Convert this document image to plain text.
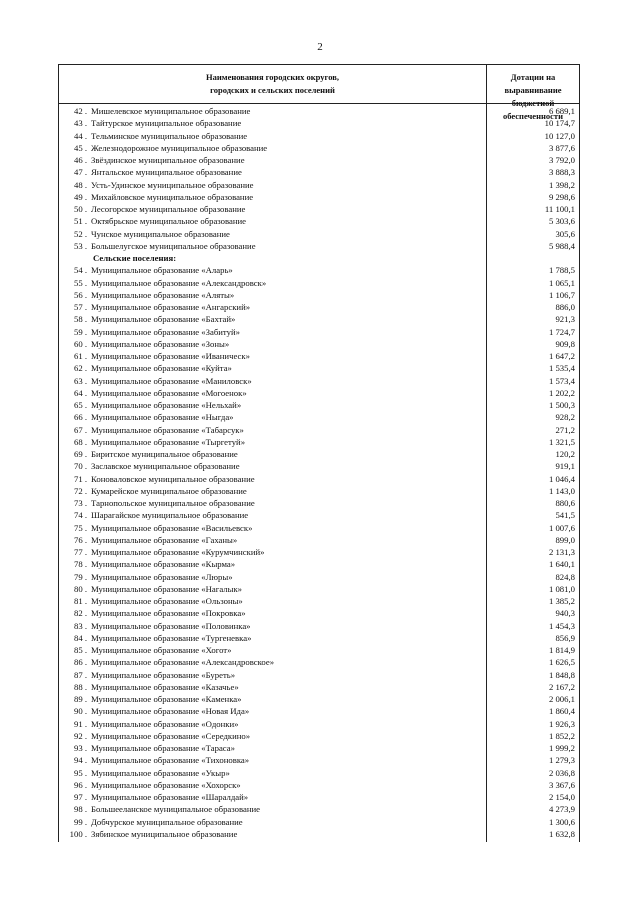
2
Наименования городских округов,
городских и сельских поселений
Дотации на выравнивание
бюджетной обеспеченности
42 . Мишелевское муниципальное образование	6 689,1
43 . Тайтурское муниципальное образование	10 174,7
44 . Тельминское муниципальное образование	10 127,0
45 . Железнодорожное муниципальное образование	3 877,6
46 . Звёздинское муниципальное образование	3 792,0
47 . Янтальское муниципальное образование	3 888,3
48 . Усть-Удинское муниципальное образование	1 398,2
49 . Михайловское муниципальное образование	9 298,6
50 . Лесогорское муниципальное образование	11 100,1
51 . Октябрьское муниципальное образование	5 303,6
52 . Чунское муниципальное образование	305,6
53 . Большелугское муниципальное образование	5 988,4
Сельские поселения:
54 . Муниципальное образование «Аларь»	1 788,5
55 . Муниципальное образование «Александровск»	1 065,1
56 . Муниципальное образование «Аляты»	1 106,7
57 . Муниципальное образование «Ангарский»	886,0
58 . Муниципальное образование «Бахтай»	921,3
59 . Муниципальное образование «Забитуй»	1 724,7
60 . Муниципальное образование «Зоны»	909,8
61 . Муниципальное образование «Иваническ»	1 647,2
62 . Муниципальное образование «Куйта»	1 535,4
63 . Муниципальное образование «Маниловск»	1 573,4
64 . Муниципальное образование «Могоенок»	1 202,2
65 . Муниципальное образование «Нельхай»	1 500,3
66 . Муниципальное образование «Ныгда»	928,2
67 . Муниципальное образование «Табарсук»	271,2
68 . Муниципальное образование «Тыргетуй»	1 321,5
69 . Биритское муниципальное образование	120,2
70 . Заславское муниципальное образование	919,1
71 . Коноваловское муниципальное образование	1 046,4
72 . Кумарейское муниципальное образование	1 143,0
73 . Тарнопольское муниципальное образование	880,6
74 . Шарагайское муниципальное образование	541,5
75 . Муниципальное образование «Васильевск»	1 007,6
76 . Муниципальное образование «Гаханы»	899,0
77 . Муниципальное образование «Курумчинский»	2 131,3
78 . Муниципальное образование «Кырма»	1 640,1
79 . Муниципальное образование «Люры»	824,8
80 . Муниципальное образование «Нагалык»	1 081,0
81 . Муниципальное образование «Ользоны»	1 385,2
82 . Муниципальное образование «Покровка»	940,3
83 . Муниципальное образование «Половинка»	1 454,3
84 . Муниципальное образование «Тургеневка»	856,9
85 . Муниципальное образование «Хогот»	1 814,9
86 . Муниципальное образование «Александровское»	1 626,5
87 . Муниципальное образование «Буреть»	1 848,8
88 . Муниципальное образование «Казачье»	2 167,2
89 . Муниципальное образование «Каменка»	2 006,1
90 . Муниципальное образование «Новая Ида»	1 860,4
91 . Муниципальное образование «Одонки»	1 926,3
92 . Муниципальное образование «Середкино»	1 852,2
93 . Муниципальное образование «Тараса»	1 999,2
94 . Муниципальное образование «Тихоновка»	1 279,3
95 . Муниципальное образование «Укыр»	2 036,8
96 . Муниципальное образование «Хохорск»	3 367,6
97 . Муниципальное образование «Шаралдай»	2 154,0
98 . Большееланское муниципальное образование	4 273,9
99 . Добчурское муниципальное образование	1 300,6
100 . Зябинское муниципальное образование	1 632,8
